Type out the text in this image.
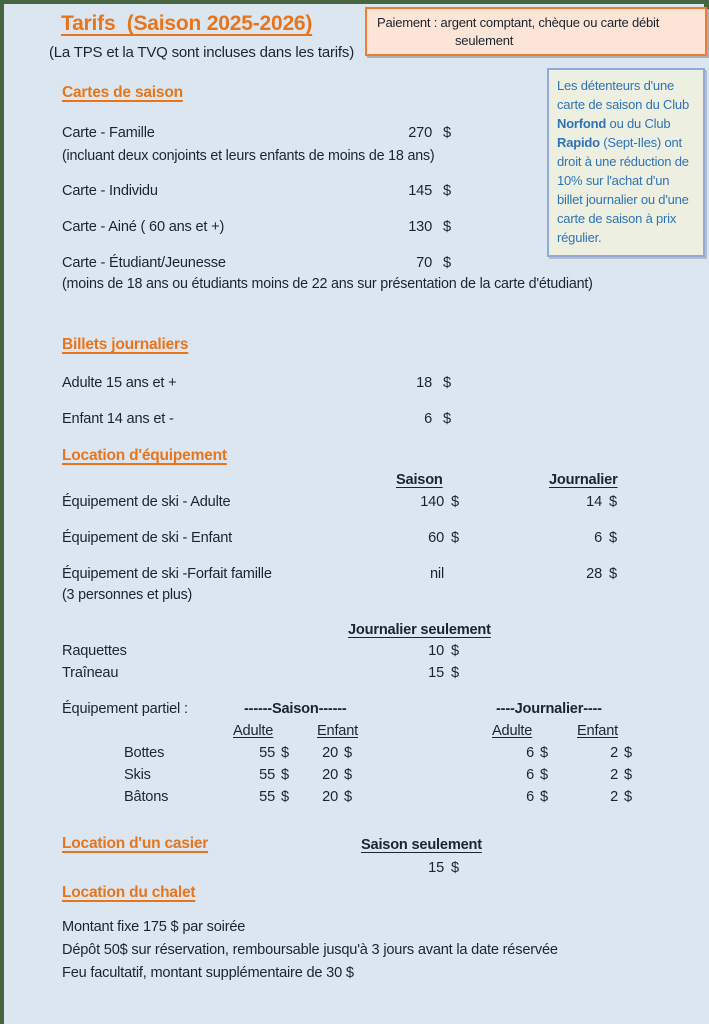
Tarifs  (Saison 2025-2026)
(La TPS et la TVQ sont incluses dans les tarifs)
Paiement : argent comptant, chèque ou carte débit
seulement
Les détenteurs d'une carte de saison du Club Norfond ou du Club Rapido (Sept-Iles) ont droit à une réduction de 10% sur l'achat d'un billet journalier ou d'une carte de saison à prix régulier.
Cartes de saison
Carte - Famille	270 $
(incluant deux conjoints et leurs enfants de moins de 18 ans)
Carte - Individu	145 $
Carte - Ainé ( 60 ans et +)	130 $
Carte - Étudiant/Jeunesse	70 $
(moins de 18 ans ou étudiants moins de 22 ans sur présentation de la carte d'étudiant)
Billets journaliers
Adulte 15 ans et +	18 $
Enfant 14 ans et -	6 $
Location d'équipement
Saison	Journalier
Équipement de ski - Adulte	140 $	14 $
Équipement de ski - Enfant	60 $	6 $
Équipement de ski -Forfait famille	nil	28 $
(3 personnes et plus)
Journalier seulement
Raquettes	10 $
Traîneau	15 $
Équipement partiel :	------Saison------	----Journalier----
Adulte	Enfant	Adulte	Enfant
Bottes	55 $	20 $	6 $	2 $
Skis	55 $	20 $	6 $	2 $
Bâtons	55 $	20 $	6 $	2 $
Location d'un casier	Saison seulement
15 $
Location du chalet
Montant fixe 175 $ par soirée
Dépôt 50$ sur réservation, remboursable jusqu'à 3 jours avant la date réservée
Feu facultatif, montant supplémentaire de 30 $
